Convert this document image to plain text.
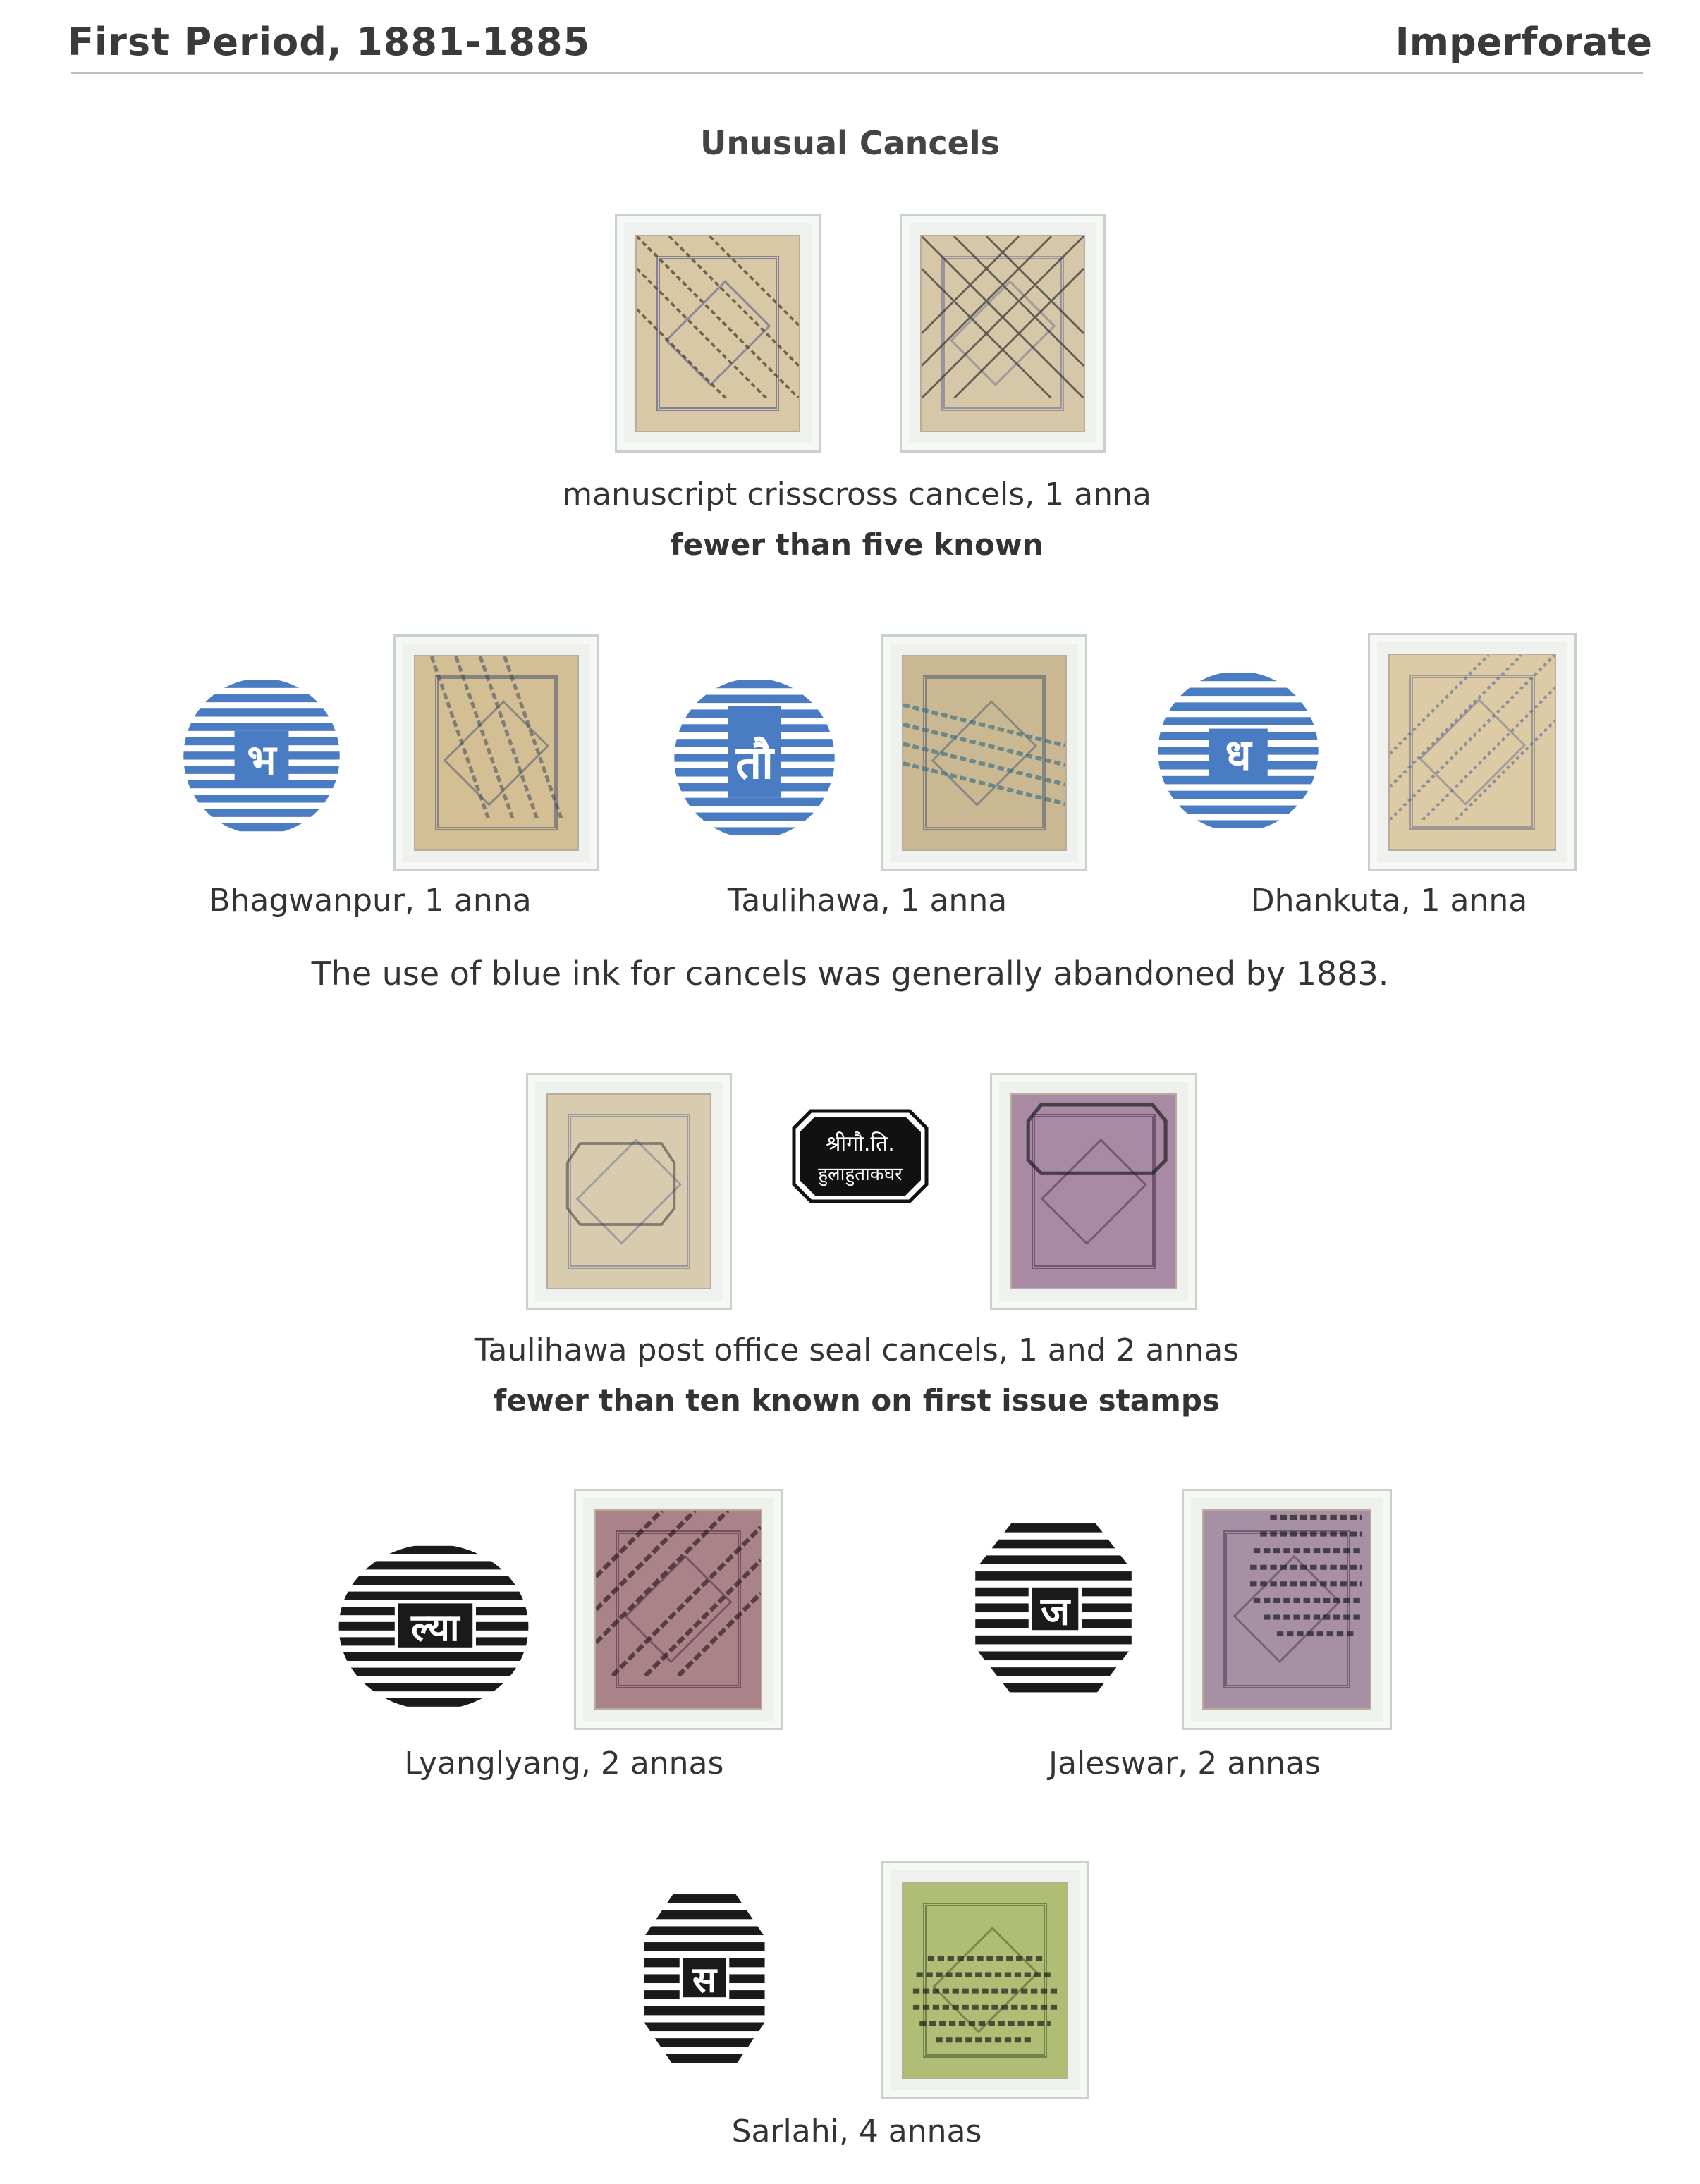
First Period, 1881-1885	Imperforate
Unusual Cancels
manuscript crisscross cancels, 1 anna
fewer than five known
भ
Bhagwanpur, 1 anna
तौ
Taulihawa, 1 anna
ध
Dhankuta, 1 anna
The use of blue ink for cancels was generally abandoned by 1883.
श्रीगौ.ति.
हुलाहुताकघर
Taulihawa post office seal cancels, 1 and 2 annas
fewer than ten known on first issue stamps
ल्या
Lyanglyang, 2 annas
ज
Jaleswar, 2 annas
स
Sarlahi, 4 annas
